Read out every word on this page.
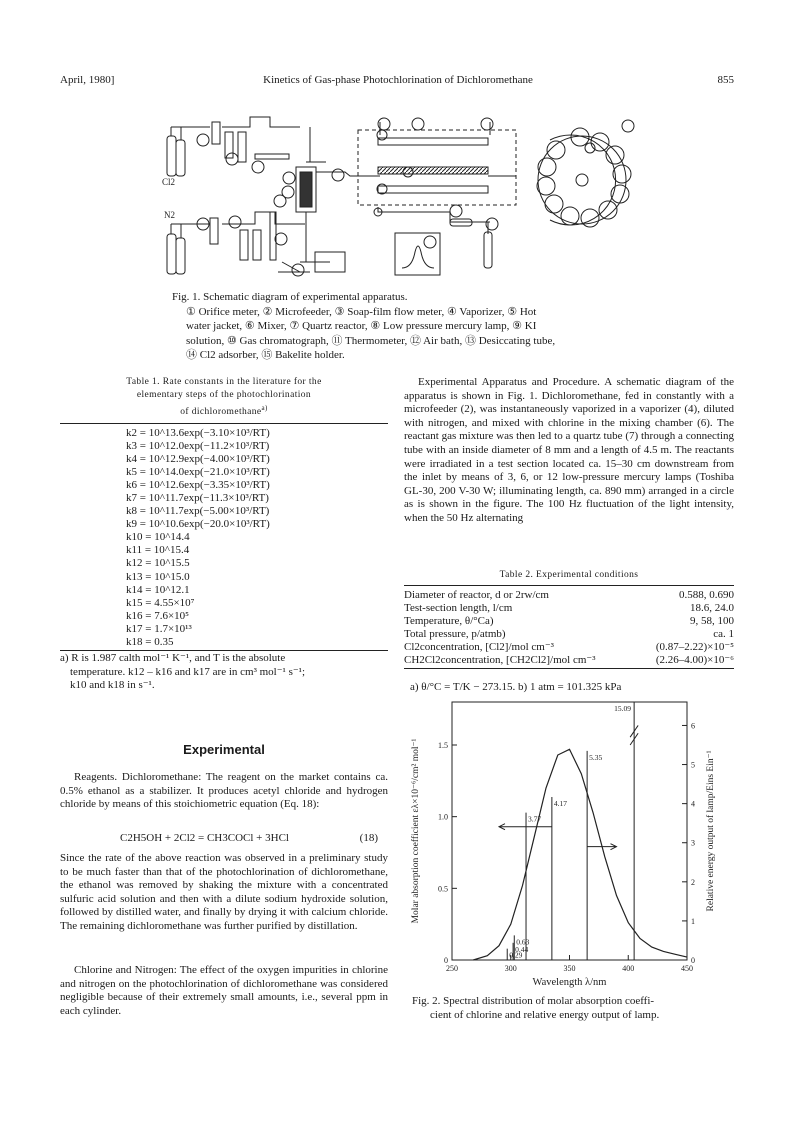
April, 1980]	Kinetics of Gas-phase Photochlorination of Dichloromethane	855
Cl2
N2
Fig. 1. Schematic diagram of experimental apparatus.
① Orifice meter, ② Microfeeder, ③ Soap-film flow meter, ④ Vaporizer, ⑤ Hot
water jacket, ⑥ Mixer, ⑦ Quartz reactor, ⑧ Low pressure mercury lamp, ⑨ KI
solution, ⑩ Gas chromatograph, ⑪ Thermometer, ⑫ Air bath, ⑬ Desiccating tube,
⑭ Cl2 adsorber, ⑮ Bakelite holder.
Table 1. Rate constants in the literature for the
elementary steps of the photochlorination
of dichloromethane$^{a)}$
k2 = 10^13.6exp(−3.10×10³/RT)
k3 = 10^12.0exp(−11.2×10³/RT)
k4 = 10^12.9exp(−4.00×10³/RT)
k5 = 10^14.0exp(−21.0×10³/RT)
k6 = 10^12.6exp(−3.35×10³/RT)
k7 = 10^11.7exp(−11.3×10³/RT)
k8 = 10^11.7exp(−5.00×10³/RT)
k9 = 10^10.6exp(−20.0×10³/RT)
k10 = 10^14.4
k11 = 10^15.4
k12 = 10^15.5
k13 = 10^15.0
k14 = 10^12.1
k15 = 4.55×10⁷
k16 = 7.6×10⁵
k17 = 1.7×10¹³
k18 = 0.35
a) R is 1.987 calth mol⁻¹ K⁻¹, and T is the absolute
temperature. k12 – k16 and k17 are in cm³ mol⁻¹ s⁻¹;
k10 and k18 in s⁻¹.
Experimental

Reagents. Dichloromethane: The reagent on the market contains ca. 0.5% ethanol as a stabilizer. It produces acetyl chloride and hydrogen chloride by means of this stoichiometric equation (Eq. 18):

C2H5OH + 2Cl2 = CH3COCl + 3HCl	(18)

Since the rate of the above reaction was observed in a preliminary study to be much faster than that of the photochlorination of dichloromethane, the ethanol was removed by shaking the mixture with a concentrated sulfuric acid solution and then with a dilute sodium hydroxide solution, followed by distilled water, and finally by drying it with calcium chloride. The remaining dichloromethane was further purified by distillation.

Chlorine and Nitrogen: The effect of the oxygen impurities in chlorine and nitrogen on the photochlorination of dichloromethane was considered negligible because of their extremely small amounts, i.e., several ppm in each cylinder.

Experimental Apparatus and Procedure. A schematic diagram of the apparatus is shown in Fig. 1. Dichloromethane, fed in constantly with a microfeeder (2), was instantaneously vaporized in a vaporizer (4), diluted with nitrogen, and mixed with chlorine in the mixing chamber (6). The reactant gas mixture was then led to a quartz tube (7) through a connecting tube with an inside diameter of 8 mm and a length of 4.5 m. The reactants were irradiated in a test section located ca. 15–30 cm downstream from the inlet by means of 3, 6, or 12 low-pressure mercury lamps (Toshiba GL-30, 200 V-30 W; illuminating length, ca. 890 mm) arranged in a circle as is shown in the figure. The 100 Hz fluctuation of the light intensity, when the 50 Hz alternating

Table 2. Experimental conditions
Diameter of reactor, d or 2rw/cm	0.588, 0.690
Test-section length, l/cm	18.6, 24.0
Temperature, θ/°Ca)	9, 58, 100
Total pressure, p/atmb)	ca. 1
Cl2concentration, [Cl2]/mol cm⁻³	(0.87–2.22)×10⁻⁵
CH2Cl2concentration, [CH2Cl2]/mol cm⁻³	(2.26–4.00)×10⁻⁶
a) θ/°C = T/K − 273.15. b) 1 atm = 101.325 kPa
250	300	350	400	450
0
0.5
1.0
1.5
0
1
2
3
4
5
6
0.29
0.44
0.63
3.77
4.17
5.35
15.09
Wavelength λ/nm
Molar absorption coefficient ελ×10⁻⁶/cm² mol⁻¹	Relative energy output of lamp/Eins Ein⁻¹
Fig. 2. Spectral distribution of molar absorption coeffi-
cient of chlorine and relative energy output of lamp.
